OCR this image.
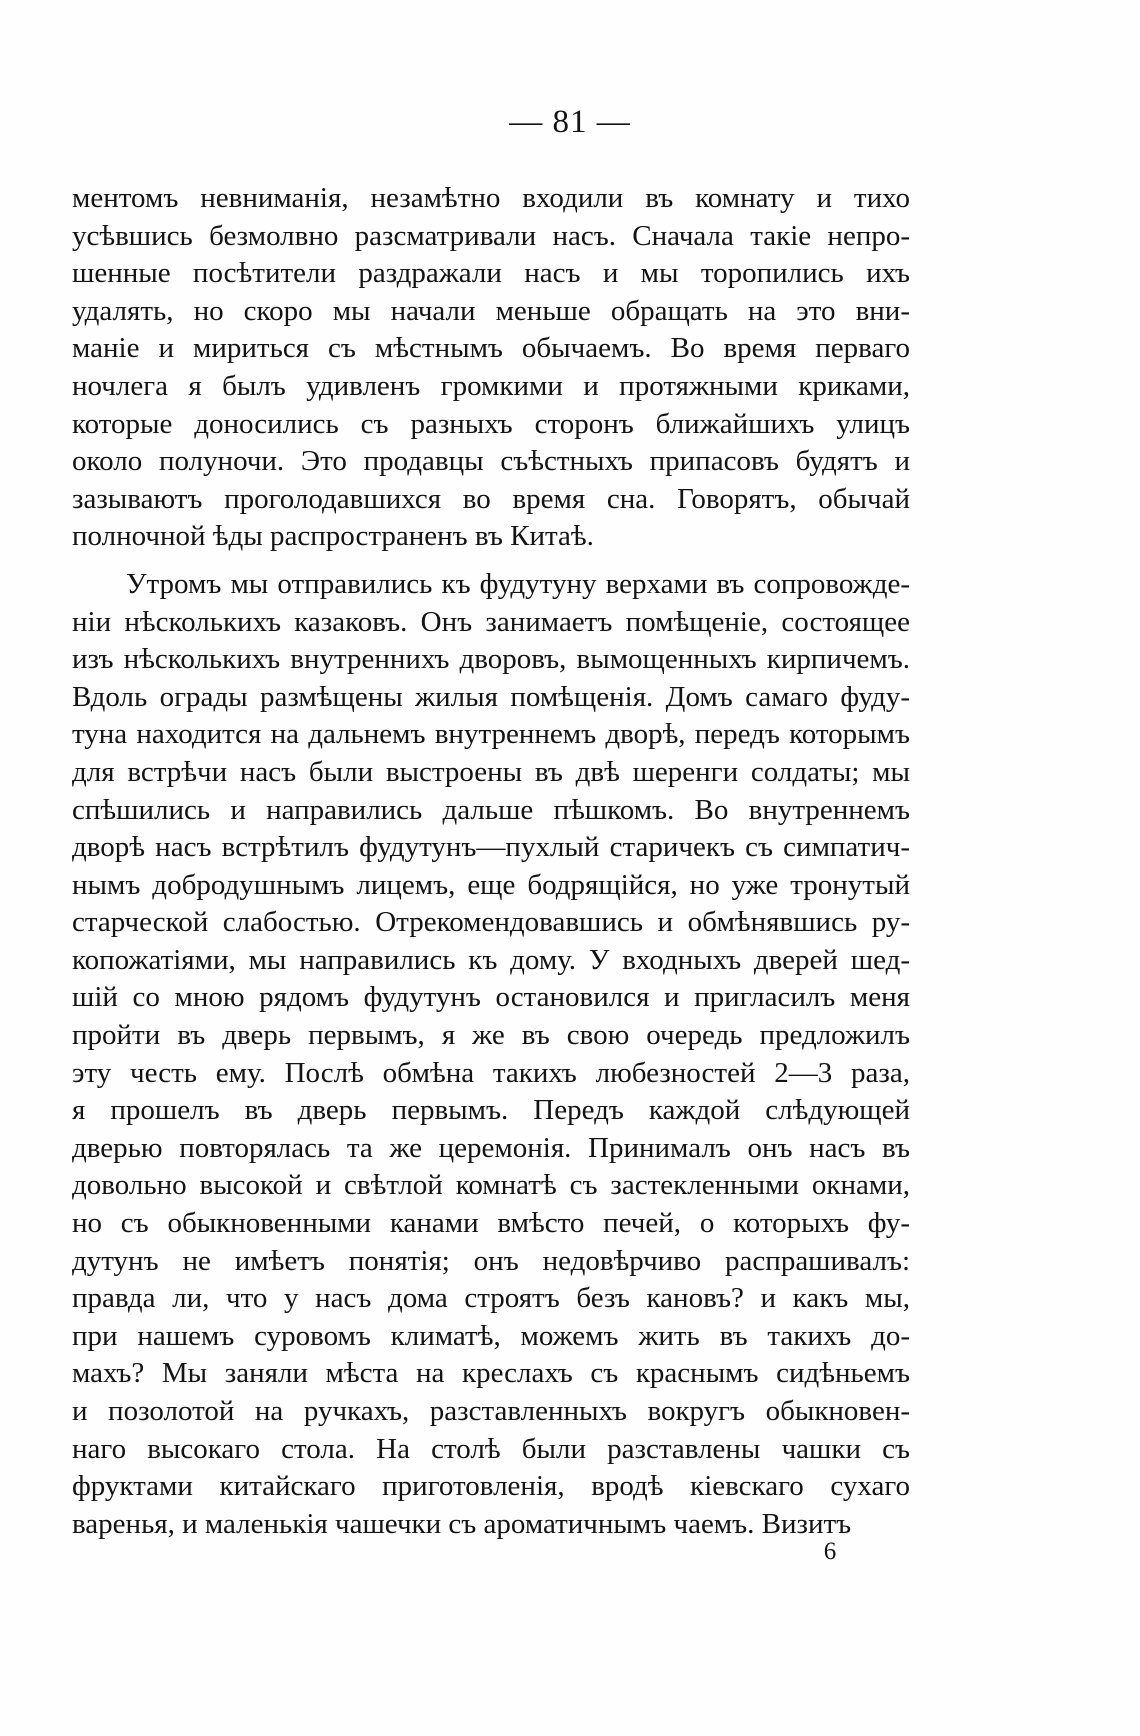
— 81 —

ментомъ невниманія, незамѣтно входили въ комнату и тихо
усѣвшись безмолвно разсматривали насъ. Сначала такіе непро-
шенные посѣтители раздражали насъ и мы торопились ихъ
удалять, но скоро мы начали меньше обращать на это вни-
маніе и мириться съ мѣстнымъ обычаемъ. Во время перваго
ночлега я былъ удивленъ громкими и протяжными криками,
которые доносились съ разныхъ сторонъ ближайшихъ улицъ
около полуночи. Это продавцы съѣстныхъ припасовъ будятъ и
зазываютъ проголодавшихся во время сна. Говорятъ, обычай
полночной ѣды распространенъ въ Китаѣ.

Утромъ мы отправились къ фудутуну верхами въ сопровожде-
ніи нѣсколькихъ казаковъ. Онъ занимаетъ помѣщеніе, состоящее
изъ нѣсколькихъ внутреннихъ дворовъ, вымощенныхъ кирпичемъ.
Вдоль ограды размѣщены жилыя помѣщенія. Домъ самаго фуду-
туна находится на дальнемъ внутреннемъ дворѣ, передъ которымъ
для встрѣчи насъ были выстроены въ двѣ шеренги солдаты; мы
спѣшились и направились дальше пѣшкомъ. Во внутреннемъ
дворѣ насъ встрѣтилъ фудутунъ—пухлый старичекъ съ симпатич-
нымъ добродушнымъ лицемъ, еще бодрящійся, но уже тронутый
старческой слабостью. Отрекомендовавшись и обмѣнявшись ру-
копожатіями, мы направились къ дому. У входныхъ дверей шед-
шій со мною рядомъ фудутунъ остановился и пригласилъ меня
пройти въ дверь первымъ, я же въ свою очередь предложилъ
эту честь ему. Послѣ обмѣна такихъ любезностей 2—3 раза,
я прошелъ въ дверь первымъ. Передъ каждой слѣдующей
дверью повторялась та же церемонія. Принималъ онъ насъ въ
довольно высокой и свѣтлой комнатѣ съ застекленными окнами,
но съ обыкновенными канами вмѣсто печей, о которыхъ фу-
дутунъ не имѣетъ понятія; онъ недовѣрчиво распрашивалъ:
правда ли, что у насъ дома строятъ безъ кановъ? и какъ мы,
при нашемъ суровомъ климатѣ, можемъ жить въ такихъ до-
махъ? Мы заняли мѣста на креслахъ съ краснымъ сидѣньемъ
и позолотой на ручкахъ, разставленныхъ вокругъ обыкновен-
наго высокаго стола. На столѣ были разставлены чашки съ
фруктами китайскаго приготовленія, вродѣ кіевскаго сухаго
варенья, и маленькія чашечки съ ароматичнымъ чаемъ. Визитъ

6
